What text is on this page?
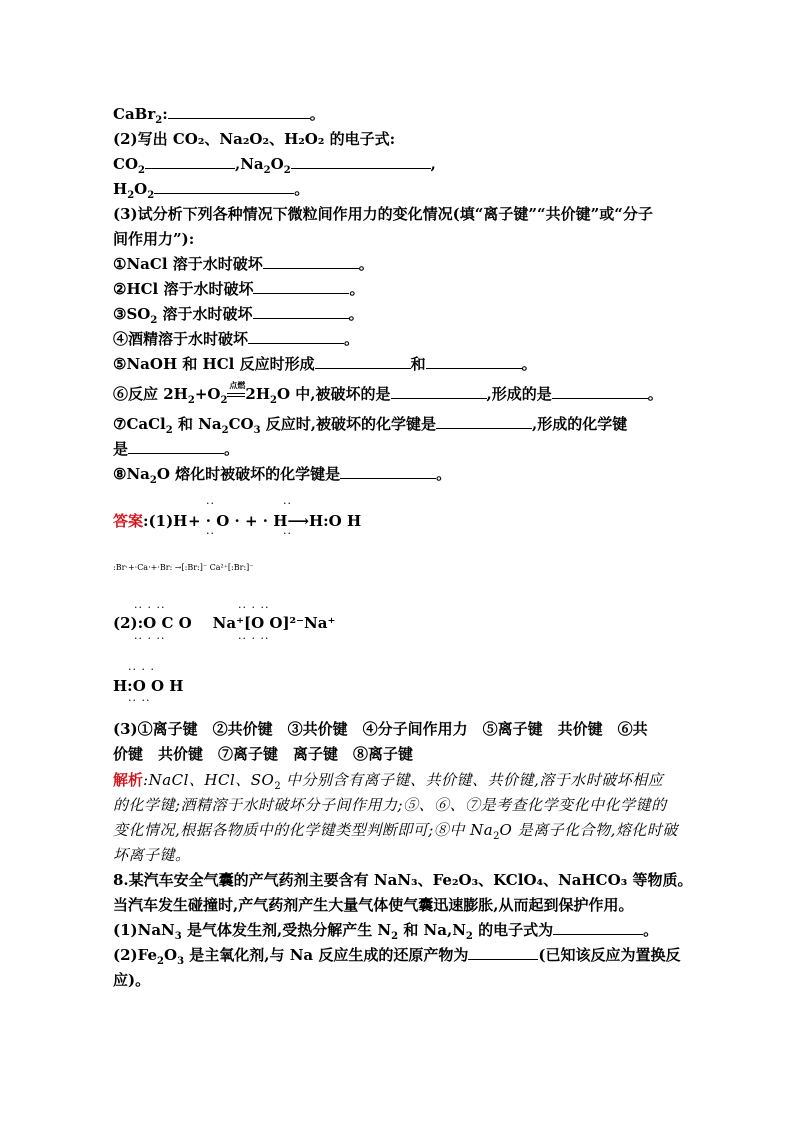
CaBr$_2$:	。
(2)写出 CO₂、Na₂O₂、H₂O₂ 的电子式:
$CO_2$	$,Na_2O_2$	,
$H_2O_2$	。
(3)试分析下列各种情况下微粒间作用力的变化情况(填“离子键”“共价键”或“分子
间作用力”):
①NaCl 溶于水时破坏	。
②HCl 溶于水时破坏	。
$③SO_2$ 溶于水时破坏	。
④酒精溶于水时破坏	。
⑤NaOH 和 HCl 反应时形成	和	。
⑥反应 $2H_2+O_2$
点燃 $2H_2O$ 中,被破坏的是	,形成的是	。
⑦CaCl$_2$ 和 $Na_2CO_3$ 反应时,被破坏的化学键是	,形成的化学键
是	。
$⑧Na_2O$ 熔化时被破坏的化学键是	。
答案:(1)H
··	··
+ · O · + · H⟶H:O H
··	··
:Br·+·Ca·+·Br: →[:Br:]⁻ Ca²⁺[:Br:]⁻
·· · ··	·· · ··
(2):O C O Na⁺[O O]²⁻Na⁺
·· · ··	·· · ··
·· · ·
H:O O H
·· ··
(3)①离子键　②共价键　③共价键　④分子间作用力　⑤离子键　共价键　⑥共
价键　共价键　⑦离子键　离子键　⑧离子键
解析:NaCl、HCl、$SO_2$ 中分别含有离子键、共价键、共价键,溶于水时破坏相应
的化学键;酒精溶于水时破坏分子间作用力;⑤、⑥、⑦是考查化学变化中化学键的
变化情况,根据各物质中的化学键类型判断即可;⑧中 $Na_2O$ 是离子化合物,熔化时破
坏离子键。
8.某汽车安全气囊的产气药剂主要含有 NaN₃、Fe₂O₃、KClO₄、NaHCO₃ 等物质。
当汽车发生碰撞时,产气药剂产生大量气体使气囊迅速膨胀,从而起到保护作用。
(1)NaN$_3$ 是气体发生剂,受热分解产生 $N_2$ 和 $Na,N_2$ 的电子式为	。
$(2)Fe_2O_3$ 是主氧化剂,与 Na 反应生成的还原产物为	(已知该反应为置换反
应)。
